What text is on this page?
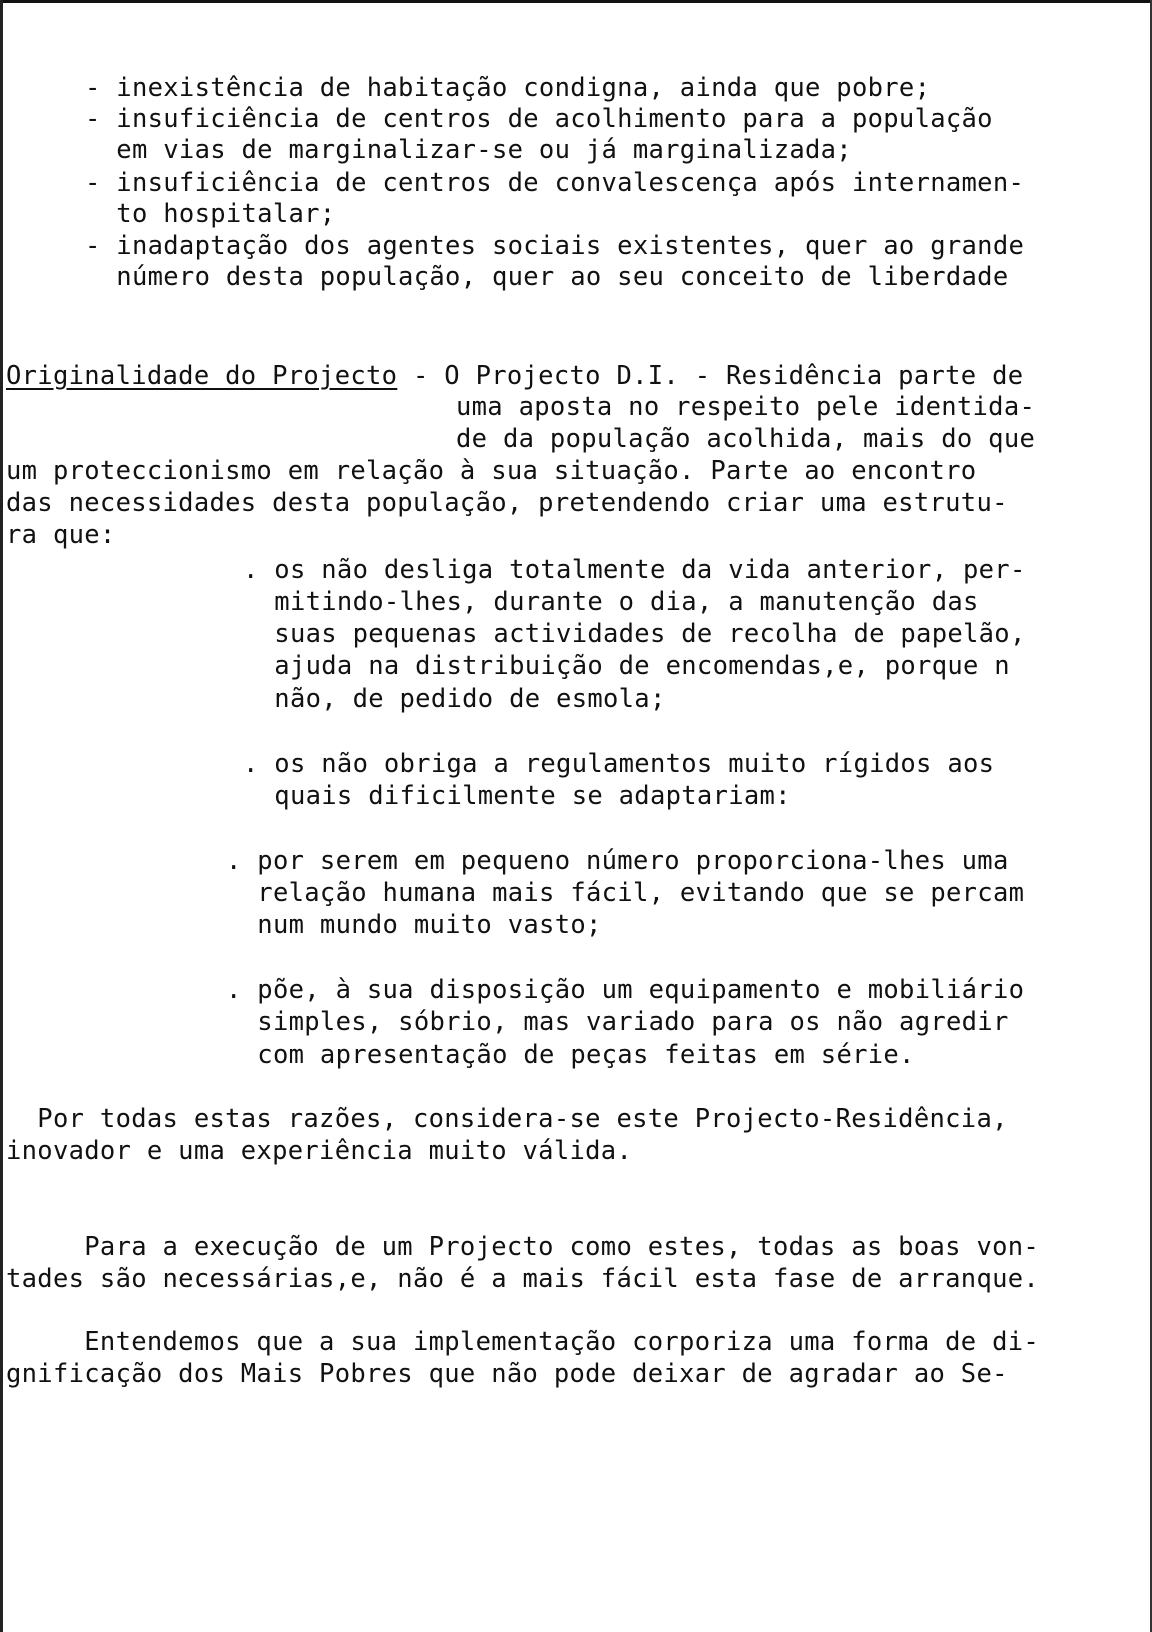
- inexistência de habitação condigna, ainda que pobre;
- insuficiência de centros de acolhimento para a população
em vias de marginalizar-se ou já marginalizada;
- insuficiência de centros de convalescença após internamen-
to hospitalar;
- inadaptação dos agentes sociais existentes, quer ao grande
número desta população, quer ao seu conceito de liberdade
Originalidade do Projecto - O Projecto D.I. - Residência parte de
uma aposta no respeito pele identida-
de da população acolhida, mais do que
um proteccionismo em relação à sua situação. Parte ao encontro
das necessidades desta população, pretendendo criar uma estrutu-
ra que:
. os não desliga totalmente da vida anterior, per-
mitindo-lhes, durante o dia, a manutenção das
suas pequenas actividades de recolha de papelão,
ajuda na distribuição de encomendas,e, porque n
não, de pedido de esmola;
. os não obriga a regulamentos muito rígidos aos
quais dificilmente se adaptariam:
. por serem em pequeno número proporciona-lhes uma
relação humana mais fácil, evitando que se percam
num mundo muito vasto;
. põe, à sua disposição um equipamento e mobiliário
simples, sóbrio, mas variado para os não agredir
com apresentação de peças feitas em série.
Por todas estas razões, considera-se este Projecto-Residência,
inovador e uma experiência muito válida.
Para a execução de um Projecto como estes, todas as boas von-
tades são necessárias,e, não é a mais fácil esta fase de arranque.
Entendemos que a sua implementação corporiza uma forma de di-
gnificação dos Mais Pobres que não pode deixar de agradar ao Se-
